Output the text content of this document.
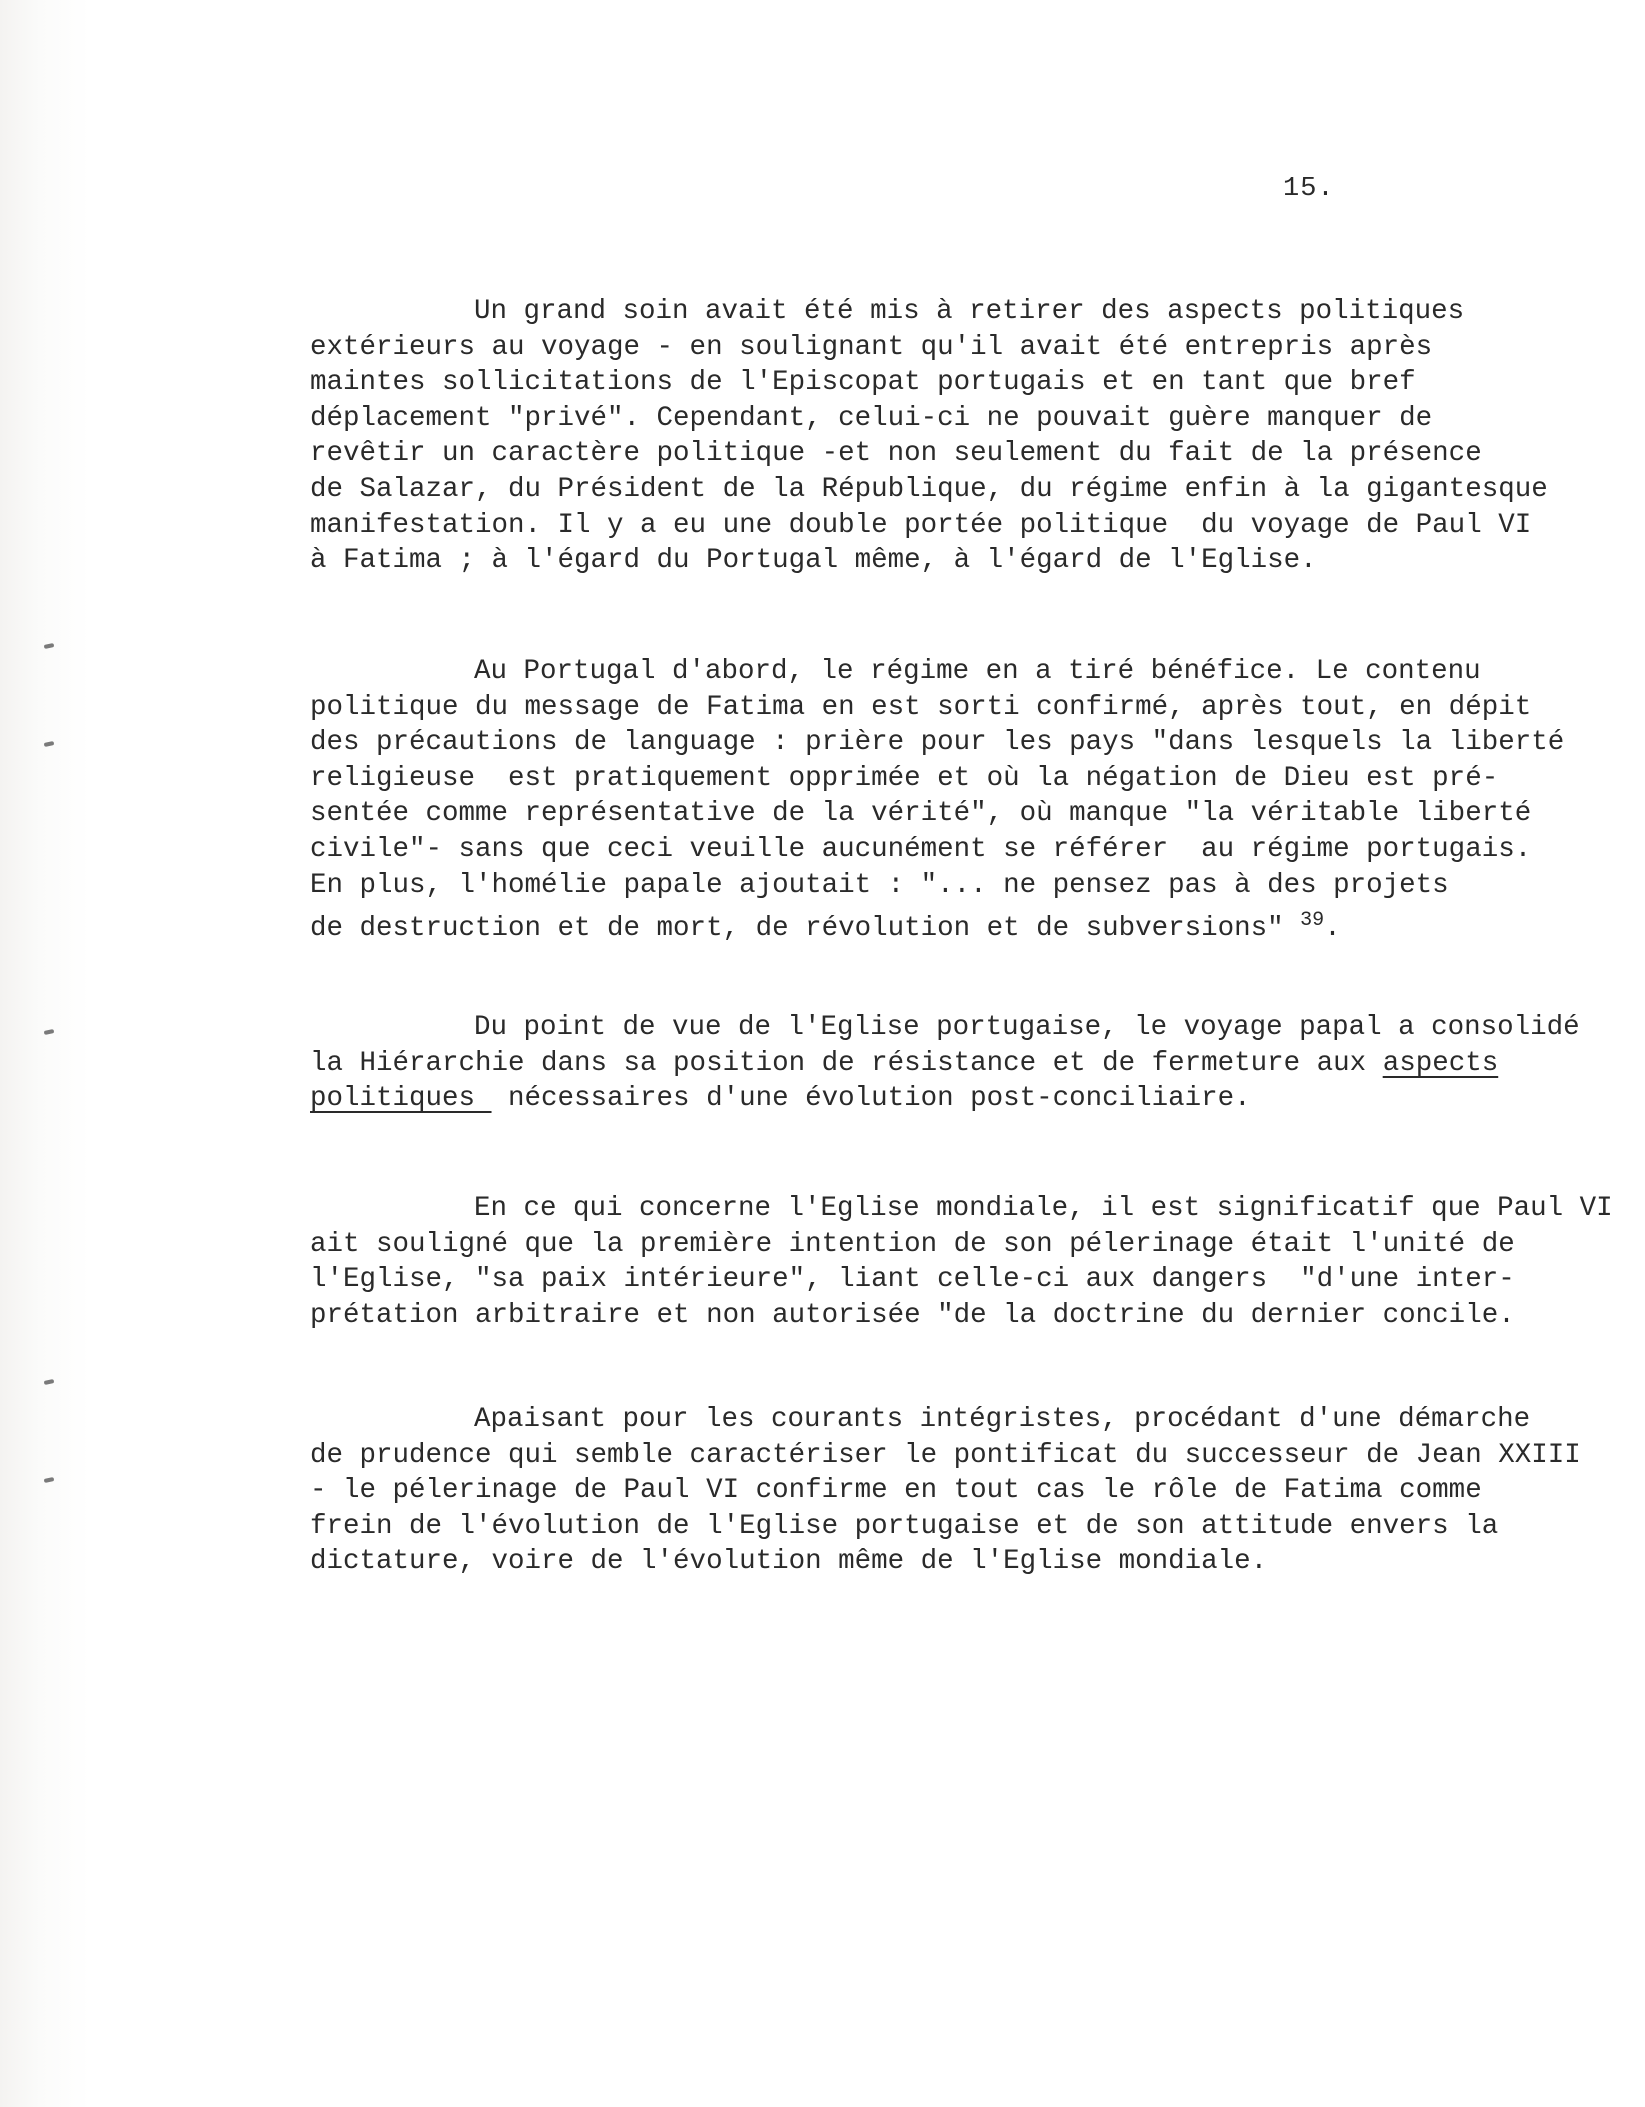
15.
Un grand soin avait été mis à retirer des aspects politiques
extérieurs au voyage - en soulignant qu'il avait été entrepris après
maintes sollicitations de l'Episcopat portugais et en tant que bref
déplacement "privé". Cependant, celui-ci ne pouvait guère manquer de
revêtir un caractère politique -et non seulement du fait de la présence
de Salazar, du Président de la République, du régime enfin à la gigantesque
manifestation. Il y a eu une double portée politique  du voyage de Paul VI
à Fatima ; à l'égard du Portugal même, à l'égard de l'Eglise.
Au Portugal d'abord, le régime en a tiré bénéfice. Le contenu
politique du message de Fatima en est sorti confirmé, après tout, en dépit
des précautions de language : prière pour les pays "dans lesquels la liberté
religieuse  est pratiquement opprimée et où la négation de Dieu est pré-
sentée comme représentative de la vérité", où manque "la véritable liberté
civile"- sans que ceci veuille aucunément se référer  au régime portugais.
En plus, l'homélie papale ajoutait : "... ne pensez pas à des projets
de destruction et de mort, de révolution et de subversions" $^{39}$.
Du point de vue de l'Eglise portugaise, le voyage papal a consolidé
la Hiérarchie dans sa position de résistance et de fermeture aux aspects
politiques  nécessaires d'une évolution post-conciliaire.
En ce qui concerne l'Eglise mondiale, il est significatif que Paul VI
ait souligné que la première intention de son pélerinage était l'unité de
l'Eglise, "sa paix intérieure", liant celle-ci aux dangers  "d'une inter-
prétation arbitraire et non autorisée "de la doctrine du dernier concile.
Apaisant pour les courants intégristes, procédant d'une démarche
de prudence qui semble caractériser le pontificat du successeur de Jean XXIII
- le pélerinage de Paul VI confirme en tout cas le rôle de Fatima comme
frein de l'évolution de l'Eglise portugaise et de son attitude envers la
dictature, voire de l'évolution même de l'Eglise mondiale.
